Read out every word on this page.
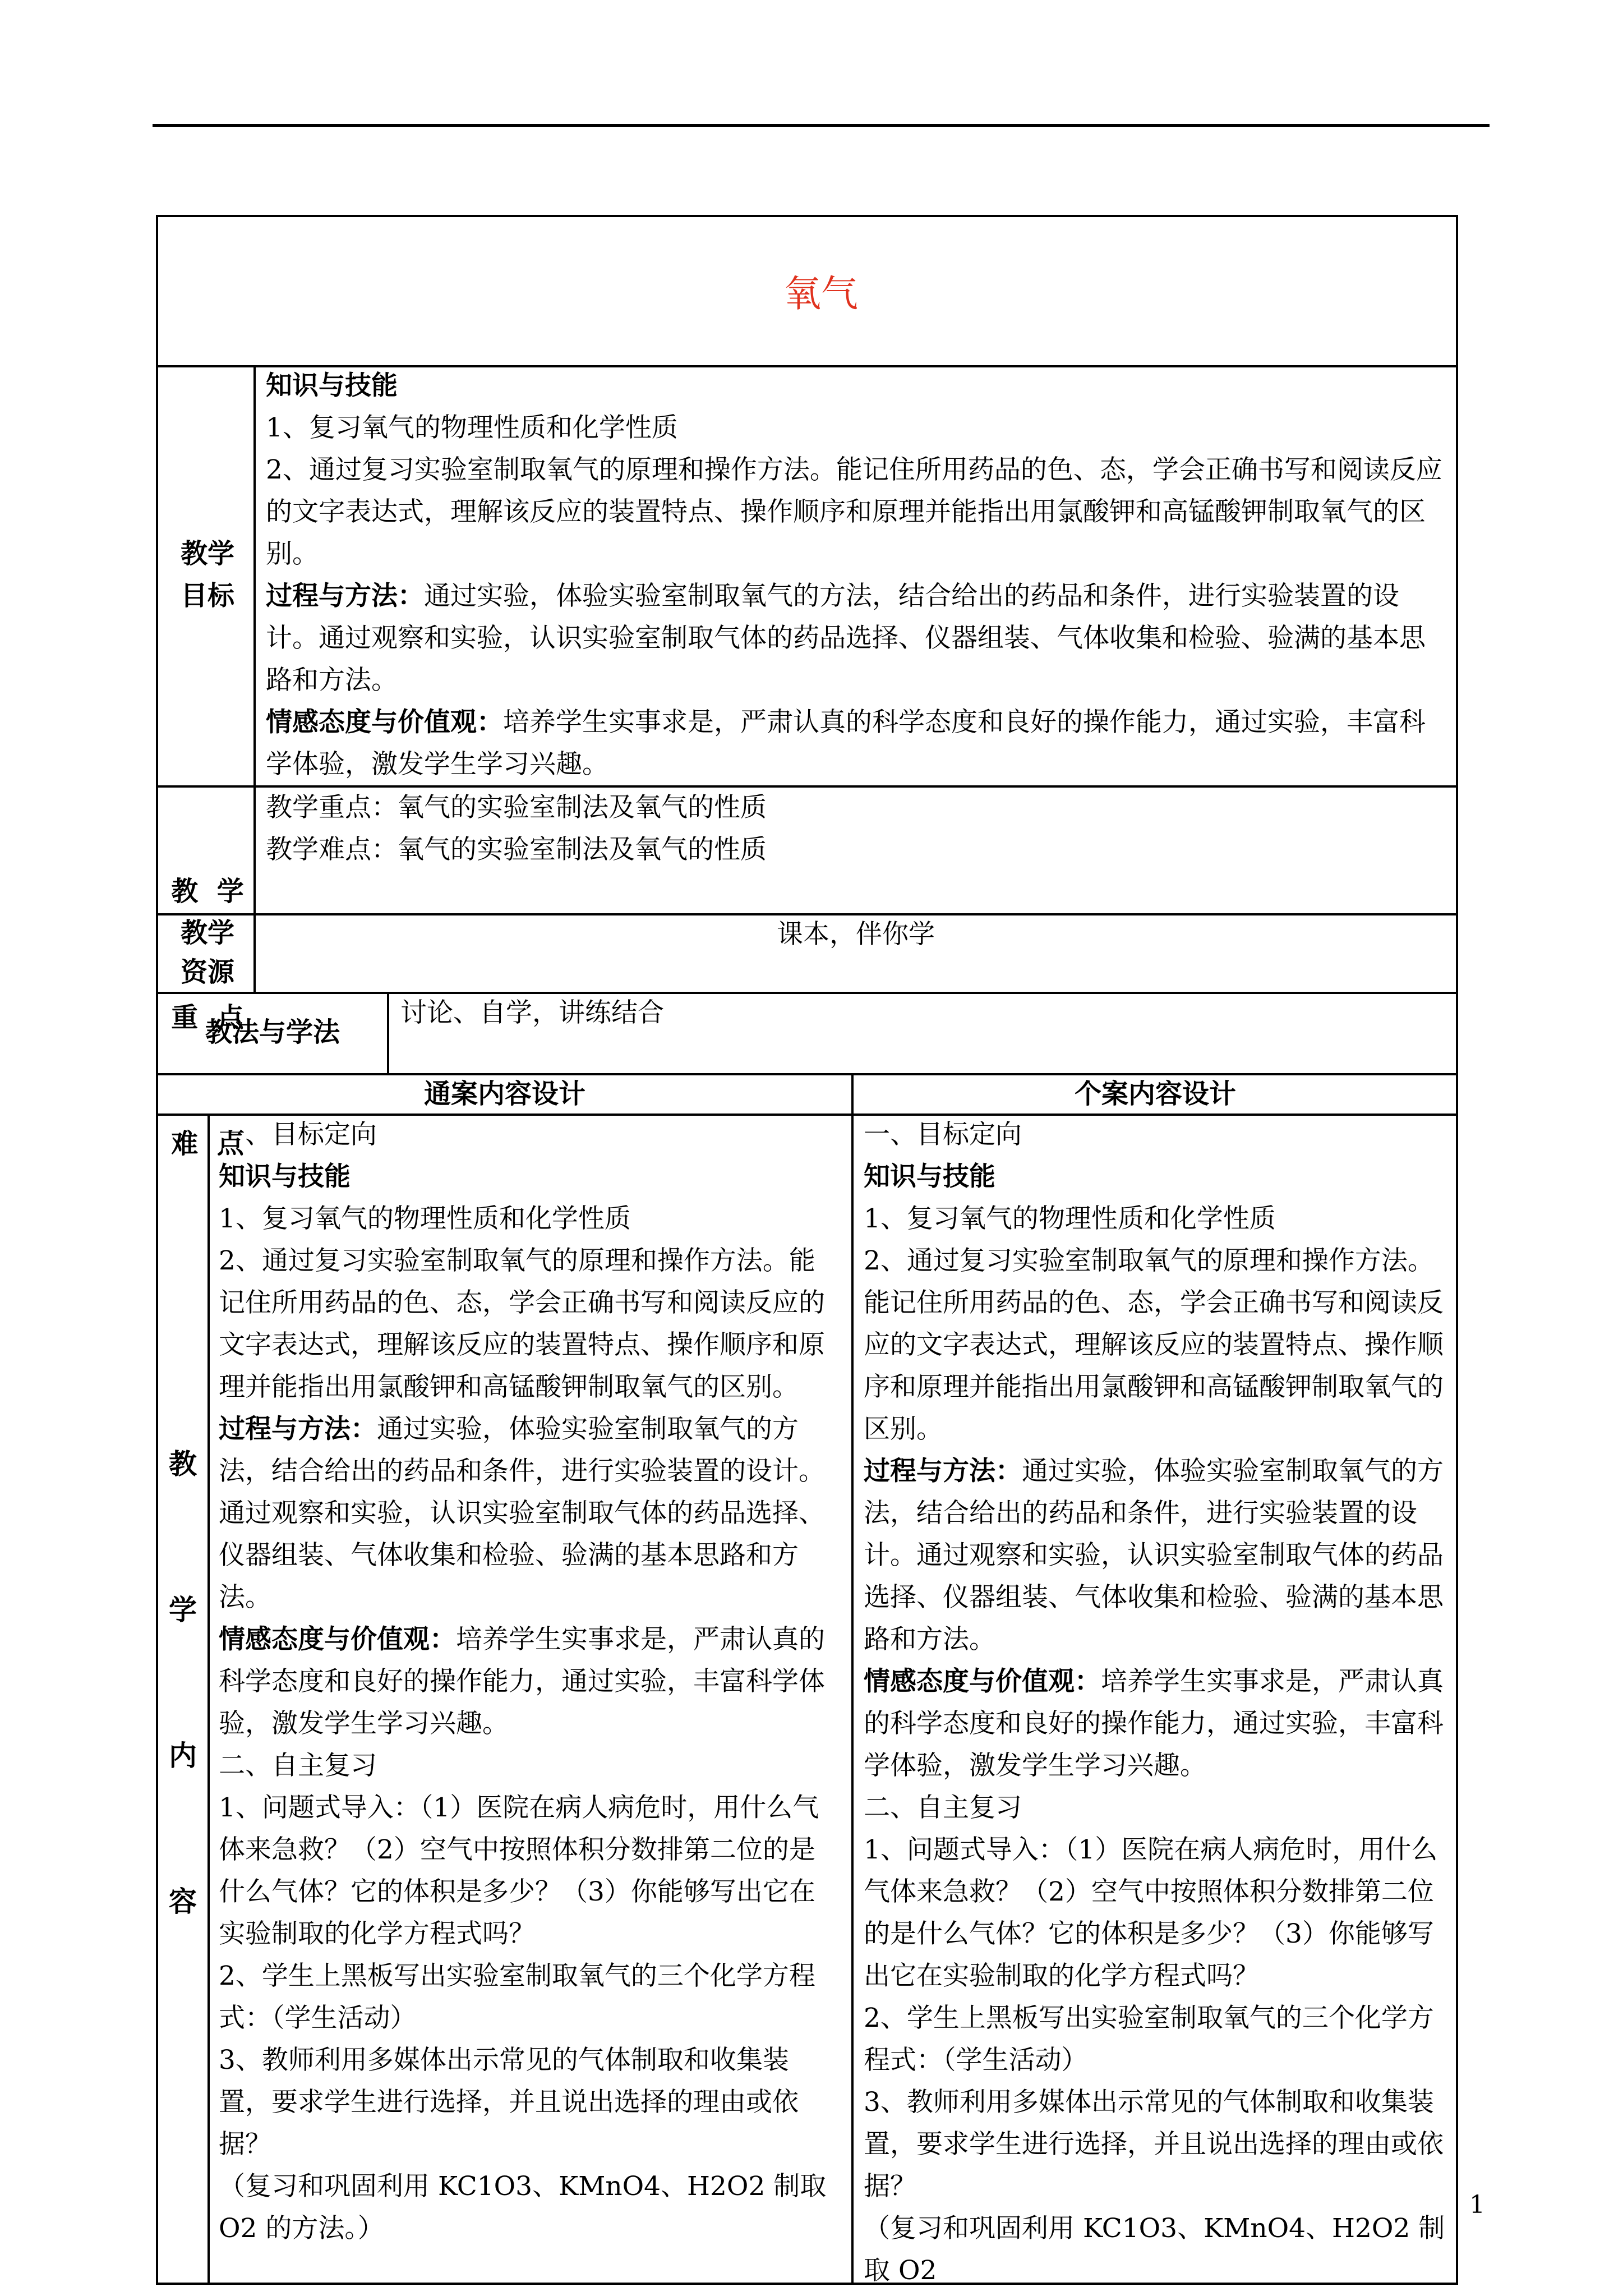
氧气
教学
目标

知识与技能

1、复习氧气的物理性质和化学性质

2、通过复习实验室制取氧气的原理和操作方法。能记住所用药品的色、态，学会正确书写和阅读反应的文字表达式，理解该反应的装置特点、操作顺序和原理并能指出用氯酸钾和高锰酸钾制取氧气的区别。

过程与方法：通过实验，体验实验室制取氧气的方法，结合给出的药品和条件，进行实验装置的设计。通过观察和实验，认识实验室制取气体的药品选择、仪器组装、气体收集和检验、验满的基本思路和方法。

情感态度与价值观：培养学生实事求是，严肃认真的科学态度和良好的操作能力，通过实验，丰富科学体验，激发学生学习兴趣。

教  学

重  点

难  点

教学重点：氧气的实验室制法及氧气的性质

教学难点：氧气的实验室制法及氧气的性质

教学
资源
课本，伴你学
教法与学法
讨论、自学，讲练结合
通案内容设计	个案内容设计
教
学
内
容

一、目标定向

知识与技能

1、复习氧气的物理性质和化学性质

2、通过复习实验室制取氧气的原理和操作方法。能记住所用药品的色、态，学会正确书写和阅读反应的文字表达式，理解该反应的装置特点、操作顺序和原理并能指出用氯酸钾和高锰酸钾制取氧气的区别。

过程与方法：通过实验，体验实验室制取氧气的方法，结合给出的药品和条件，进行实验装置的设计。通过观察和实验，认识实验室制取气体的药品选择、仪器组装、气体收集和检验、验满的基本思路和方法。

情感态度与价值观：培养学生实事求是，严肃认真的科学态度和良好的操作能力，通过实验，丰富科学体验，激发学生学习兴趣。

二、自主复习

1、问题式导入：（1）医院在病人病危时，用什么气体来急救？（2）空气中按照体积分数排第二位的是什么气体？它的体积是多少？（3）你能够写出它在实验制取的化学方程式吗？

2、学生上黑板写出实验室制取氧气的三个化学方程式：（学生活动）

3、教师利用多媒体出示常见的气体制取和收集装置，要求学生进行选择，并且说出选择的理由或依据？

（复习和巩固利用 KC1O3、KMnO4、H2O2 制取 O2 的方法。）

一、目标定向

知识与技能

1、复习氧气的物理性质和化学性质

2、通过复习实验室制取氧气的原理和操作方法。能记住所用药品的色、态，学会正确书写和阅读反应的文字表达式，理解该反应的装置特点、操作顺序和原理并能指出用氯酸钾和高锰酸钾制取氧气的区别。

过程与方法：通过实验，体验实验室制取氧气的方法，结合给出的药品和条件，进行实验装置的设计。通过观察和实验，认识实验室制取气体的药品选择、仪器组装、气体收集和检验、验满的基本思路和方法。

情感态度与价值观：培养学生实事求是，严肃认真的科学态度和良好的操作能力，通过实验，丰富科学体验，激发学生学习兴趣。

二、自主复习

1、问题式导入：（1）医院在病人病危时，用什么气体来急救？（2）空气中按照体积分数排第二位的是什么气体？它的体积是多少？（3）你能够写出它在实验制取的化学方程式吗？

2、学生上黑板写出实验室制取氧气的三个化学方程式：（学生活动）

3、教师利用多媒体出示常见的气体制取和收集装置，要求学生进行选择，并且说出选择的理由或依据？

（复习和巩固利用 KC1O3、KMnO4、H2O2 制取 O2

1
